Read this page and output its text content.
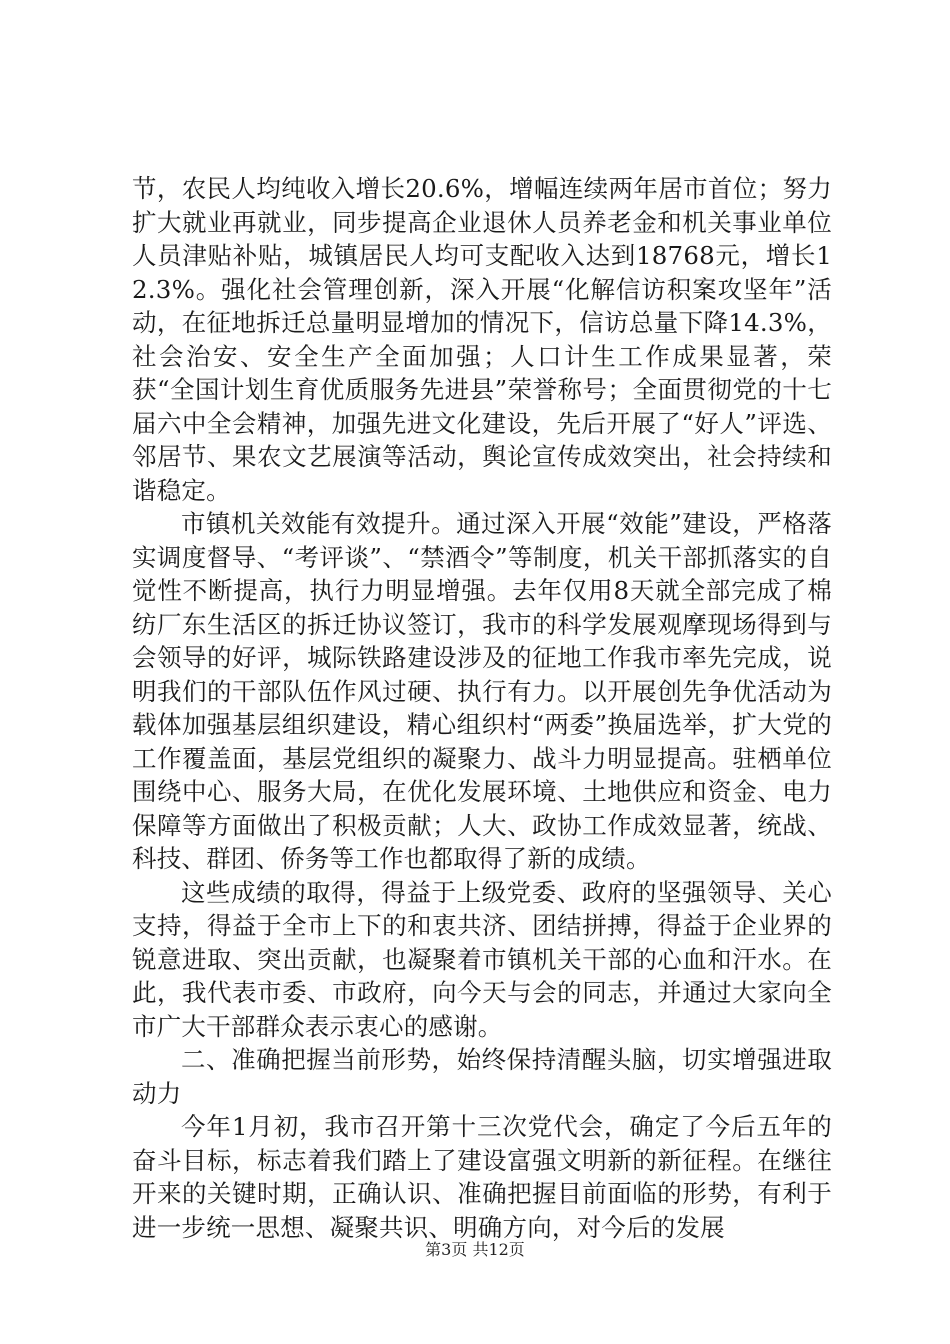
节，农民人均纯收入增长20.6%，增幅连续两年居市首位；努力扩大就业再就业，同步提高企业退休人员养老金和机关事业单位人员津贴补贴，城镇居民人均可支配收入达到18768元，增长12.3%。强化社会管理创新，深入开展“化解信访积案攻坚年”活动，在征地拆迁总量明显增加的情况下，信访总量下降14.3%，社会治安、安全生产全面加强；人口计生工作成果显著，荣获“全国计划生育优质服务先进县”荣誉称号；全面贯彻党的十七届六中全会精神，加强先进文化建设，先后开展了“好人”评选、邻居节、果农文艺展演等活动，舆论宣传成效突出，社会持续和谐稳定。

市镇机关效能有效提升。通过深入开展“效能”建设，严格落实调度督导、“考评谈”、“禁酒令”等制度，机关干部抓落实的自觉性不断提高，执行力明显增强。去年仅用8天就全部完成了棉纺厂东生活区的拆迁协议签订，我市的科学发展观摩现场得到与会领导的好评，城际铁路建设涉及的征地工作我市率先完成，说明我们的干部队伍作风过硬、执行有力。以开展创先争优活动为载体加强基层组织建设，精心组织村“两委”换届选举，扩大党的工作覆盖面，基层党组织的凝聚力、战斗力明显提高。驻栖单位围绕中心、服务大局，在优化发展环境、土地供应和资金、电力保障等方面做出了积极贡献；人大、政协工作成效显著，统战、科技、群团、侨务等工作也都取得了新的成绩。

这些成绩的取得，得益于上级党委、政府的坚强领导、关心支持，得益于全市上下的和衷共济、团结拼搏，得益于企业界的锐意进取、突出贡献，也凝聚着市镇机关干部的心血和汗水。在此，我代表市委、市政府，向今天与会的同志，并通过大家向全市广大干部群众表示衷心的感谢。

二、准确把握当前形势，始终保持清醒头脑，切实增强进取动力

今年1月初，我市召开第十三次党代会，确定了今后五年的奋斗目标，标志着我们踏上了建设富强文明新的新征程。在继往开来的关键时期，正确认识、准确把握目前面临的形势，有利于进一步统一思想、凝聚共识、明确方向，对今后的发展

第3页 共12页
